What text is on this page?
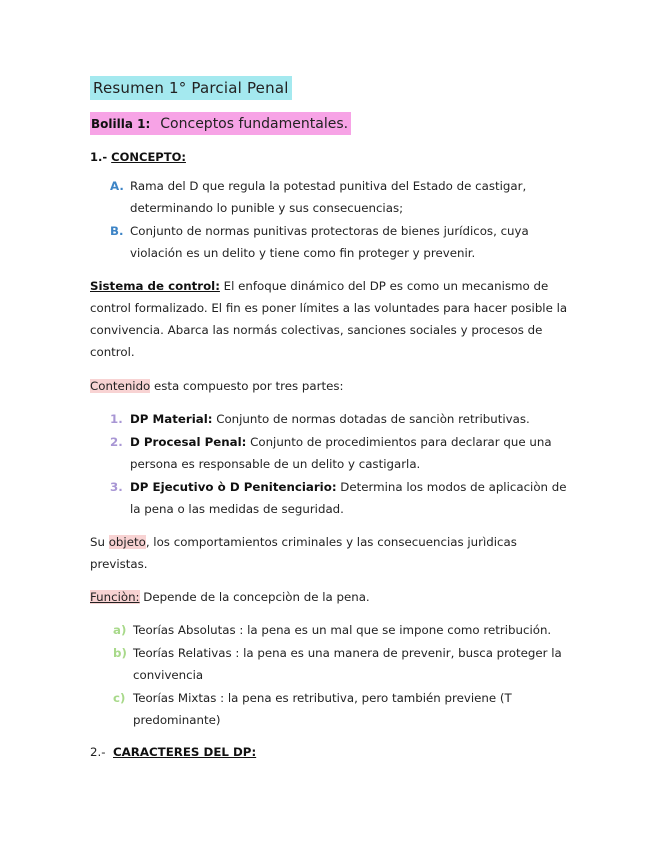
Resumen 1° Parcial Penal
Bolilla 1: Conceptos fundamentales.
1.- CONCEPTO:
A. Rama del D que regula la potestad punitiva del Estado de castigar,
determinando lo punible y sus consecuencias;
B. Conjunto de normas punitivas protectoras de bienes jurídicos, cuya
violación es un delito y tiene como fin proteger y prevenir.
Sistema de control: El enfoque dinámico del DP es como un mecanismo de
control formalizado. El fin es poner límites a las voluntades para hacer posible la
convivencia. Abarca las normás colectivas, sanciones sociales y procesos de
control.
Contenido esta compuesto por tres partes:
1. DP Material: Conjunto de normas dotadas de sanciòn retributivas.
2. D Procesal Penal: Conjunto de procedimientos para declarar que una
persona es responsable de un delito y castigarla.
3. DP Ejecutivo ò D Penitenciario: Determina los modos de aplicaciòn de
la pena o las medidas de seguridad.
Su objeto, los comportamientos criminales y las consecuencias jurìdicas
previstas.
Funciòn: Depende de la concepciòn de la pena.
a) Teorías Absolutas : la pena es un mal que se impone como retribución.
b) Teorías Relativas : la pena es una manera de prevenir, busca proteger la
convivencia
c) Teorías Mixtas : la pena es retributiva, pero también previene (T
predominante)
2.- CARACTERES DEL DP:
